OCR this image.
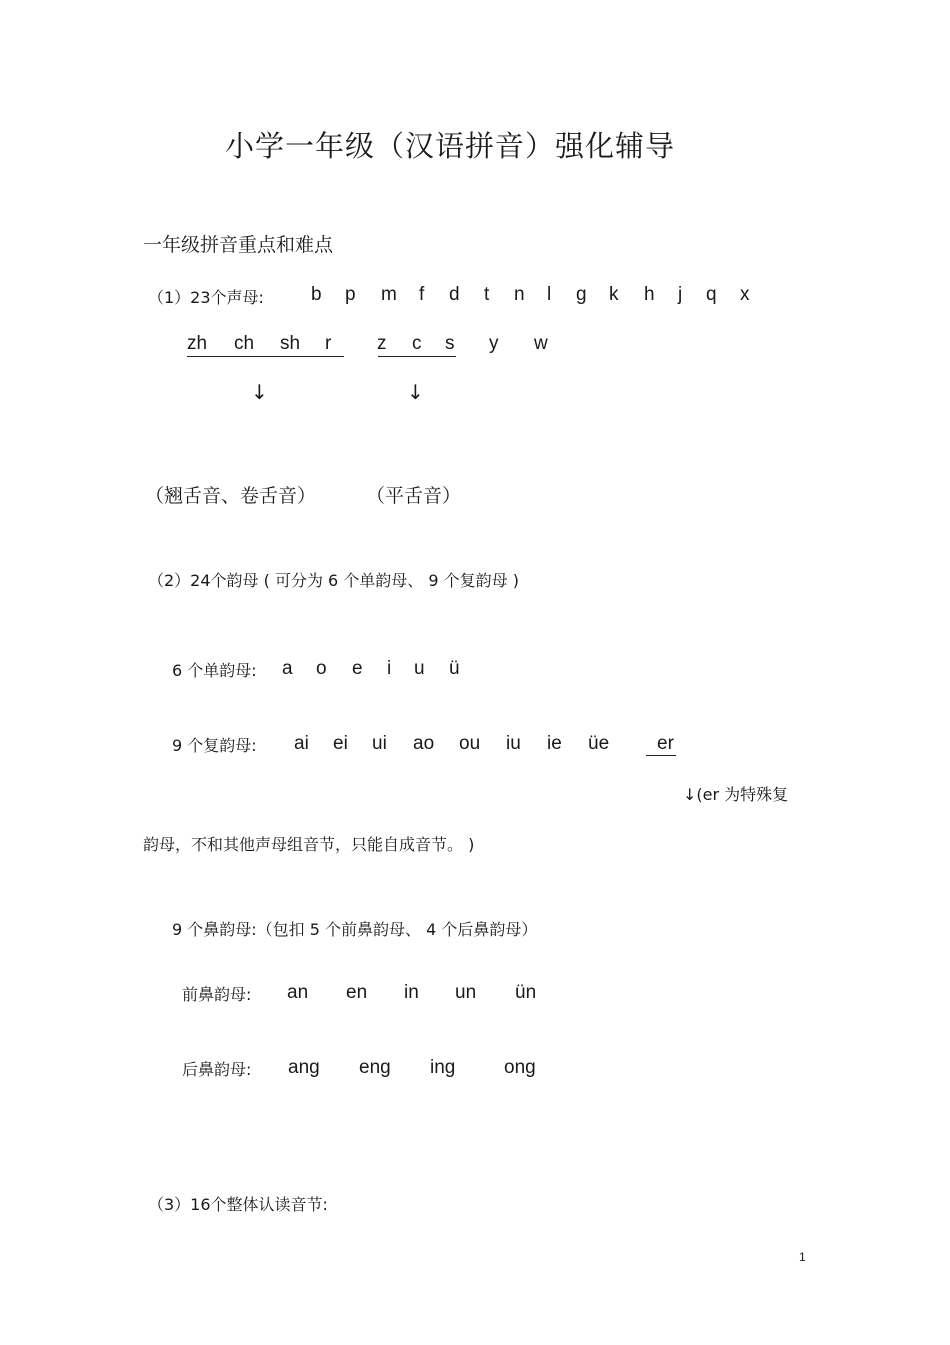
小学一年级（汉语拼音）强化辅导
一年级拼音重点和难点
（1）23个声母: b p m f d t n l g k h j q x
zh ch sh r z c s y w
↓	↓
（翘舌音、卷舌音）	（平舌音）
（2）24个韵母 ( 可分为 6 个单韵母、 9 个复韵母 )
6 个单韵母: a o e i u ü
9 个复韵母: ai ei ui ao ou iu ie üe	er
↓(er 为特殊复
韵母，不和其他声母组音节，只能自成音节。 )
9 个鼻韵母:（包扣 5 个前鼻韵母、 4 个后鼻韵母）
前鼻韵母: an en in un ün
后鼻韵母: ang eng ing	ong
（3）16个整体认读音节:
1
